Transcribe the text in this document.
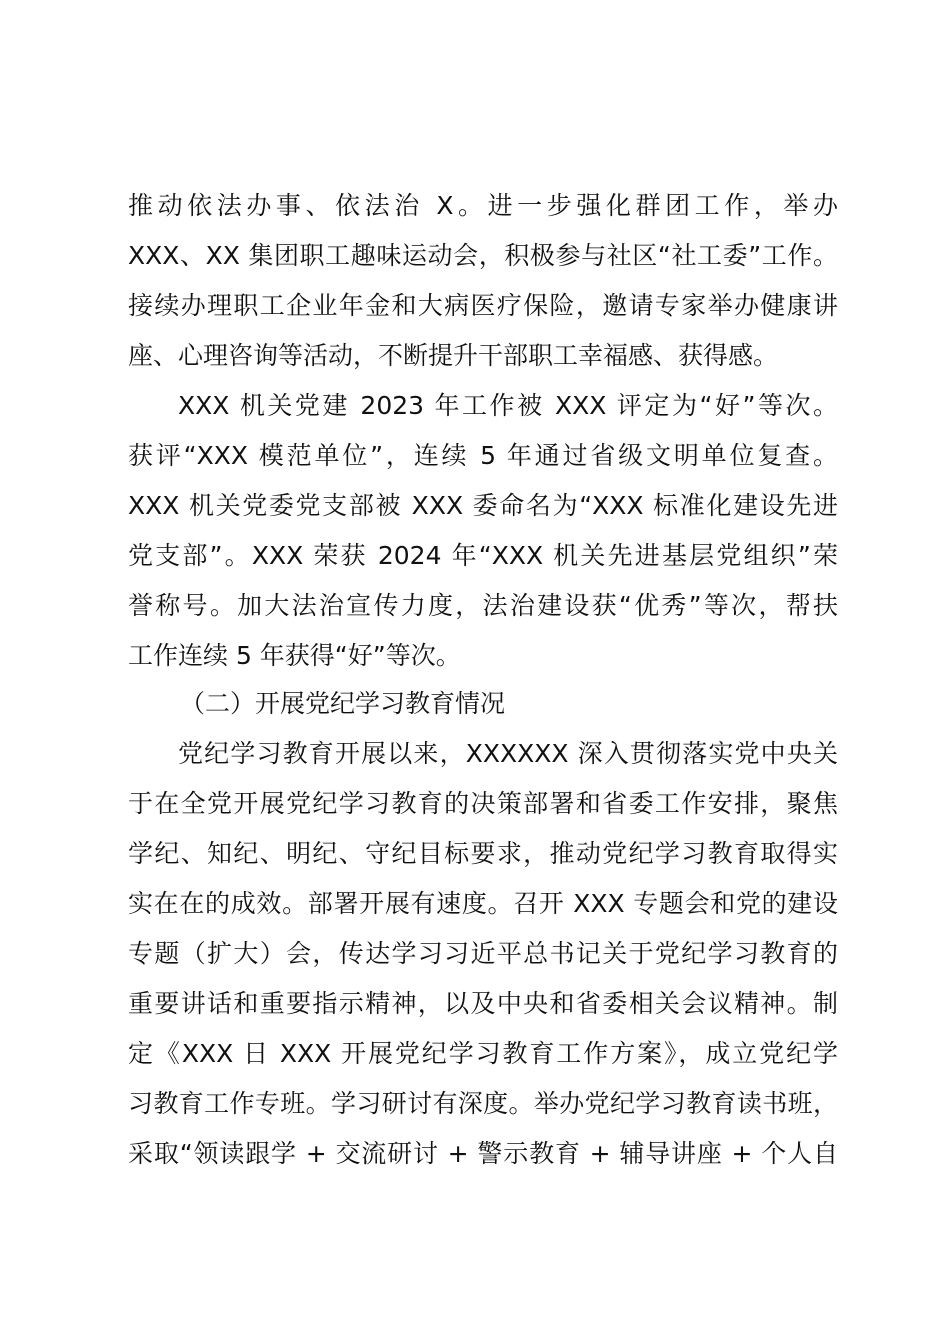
推动依法办事、依法治 X。进一步强化群团工作，举办
XXX、XX 集团职工趣味运动会，积极参与社区“社工委”工作。
接续办理职工企业年金和大病医疗保险，邀请专家举办健康讲
座、心理咨询等活动，不断提升干部职工幸福感、获得感。
XXX 机关党建 2023 年工作被 XXX 评定为“好”等次。
获评“XXX 模范单位”，连续 5 年通过省级文明单位复查。
XXX 机关党委党支部被 XXX 委命名为“XXX 标准化建设先进
党支部”。XXX 荣获 2024 年“XXX 机关先进基层党组织”荣
誉称号。加大法治宣传力度，法治建设获“优秀”等次，帮扶
工作连续 5 年获得“好”等次。
（二）开展党纪学习教育情况
党纪学习教育开展以来，XXXXXX 深入贯彻落实党中央关
于在全党开展党纪学习教育的决策部署和省委工作安排，聚焦
学纪、知纪、明纪、守纪目标要求，推动党纪学习教育取得实
实在在的成效。部署开展有速度。召开 XXX 专题会和党的建设
专题（扩大）会，传达学习习近平总书记关于党纪学习教育的
重要讲话和重要指示精神，以及中央和省委相关会议精神。制
定《XXX 日 XXX 开展党纪学习教育工作方案》，成立党纪学
习教育工作专班。学习研讨有深度。举办党纪学习教育读书班，
采取“领读跟学 + 交流研讨 + 警示教育 + 辅导讲座 + 个人自
